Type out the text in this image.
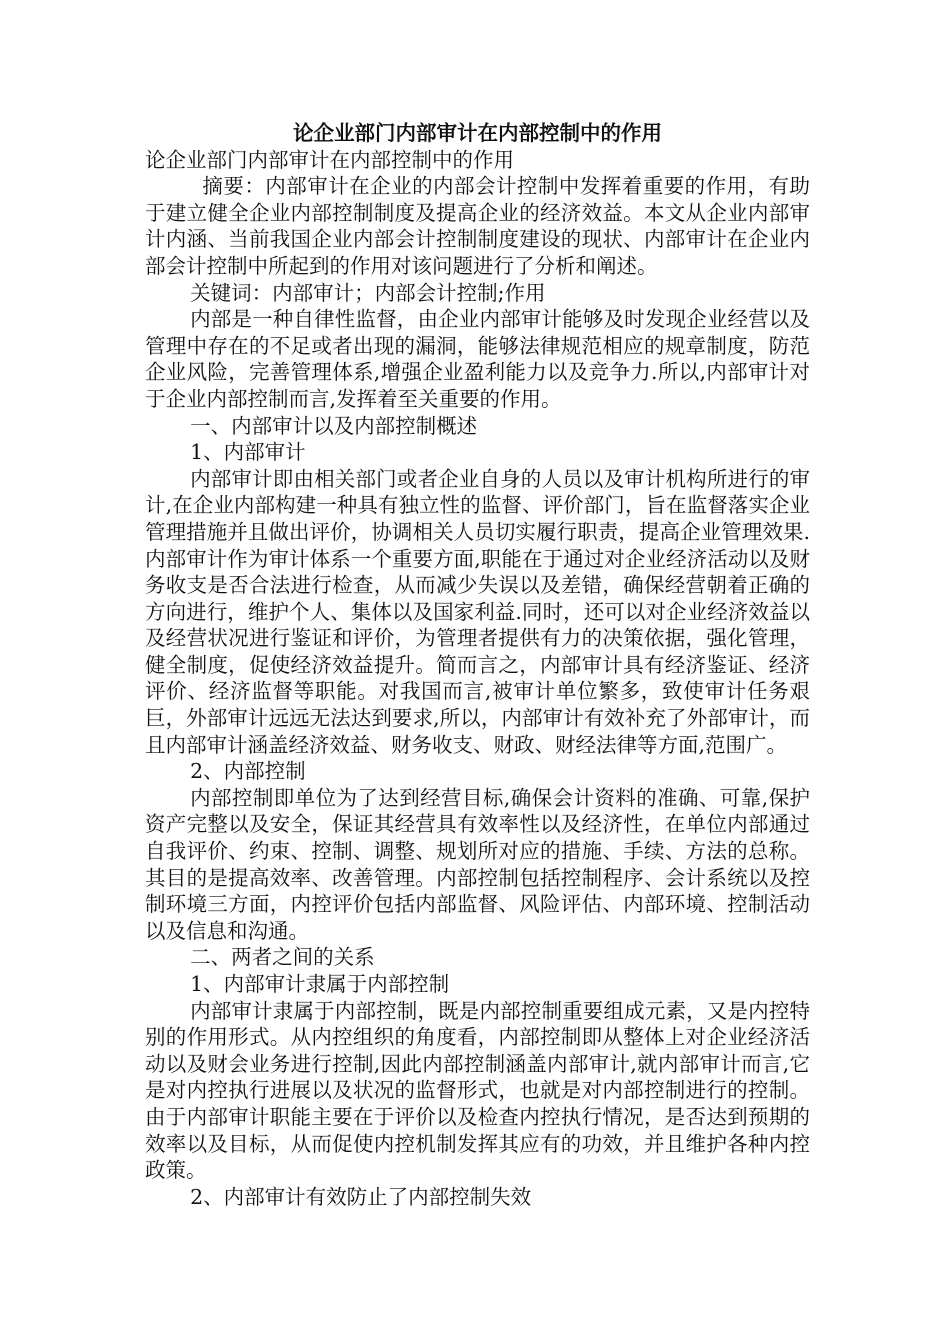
论企业部门内部审计在内部控制中的作用

论企业部门内部审计在内部控制中的作用

摘要：内部审计在企业的内部会计控制中发挥着重要的作用，有助于建立健全企业内部控制制度及提高企业的经济效益。本文从企业内部审计内涵、当前我国企业内部会计控制制度建设的现状、内部审计在企业内部会计控制中所起到的作用对该问题进行了分析和阐述。

关键词：内部审计；内部会计控制;作用

内部是一种自律性监督，由企业内部审计能够及时发现企业经营以及管理中存在的不足或者出现的漏洞，能够法律规范相应的规章制度，防范企业风险，完善管理体系,增强企业盈利能力以及竞争力.所以,内部审计对于企业内部控制而言,发挥着至关重要的作用。

一、内部审计以及内部控制概述

1、内部审计

内部审计即由相关部门或者企业自身的人员以及审计机构所进行的审计,在企业内部构建一种具有独立性的监督、评价部门，旨在监督落实企业管理措施并且做出评价，协调相关人员切实履行职责，提高企业管理效果.内部审计作为审计体系一个重要方面,职能在于通过对企业经济活动以及财务收支是否合法进行检查，从而减少失误以及差错，确保经营朝着正确的方向进行，维护个人、集体以及国家利益.同时，还可以对企业经济效益以及经营状况进行鉴证和评价，为管理者提供有力的决策依据，强化管理，健全制度，促使经济效益提升。简而言之，内部审计具有经济鉴证、经济评价、经济监督等职能。对我国而言,被审计单位繁多，致使审计任务艰巨，外部审计远远无法达到要求,所以，内部审计有效补充了外部审计，而且内部审计涵盖经济效益、财务收支、财政、财经法律等方面,范围广。

2、内部控制

内部控制即单位为了达到经营目标,确保会计资料的准确、可靠,保护资产完整以及安全，保证其经营具有效率性以及经济性，在单位内部通过自我评价、约束、控制、调整、规划所对应的措施、手续、方法的总称。其目的是提高效率、改善管理。内部控制包括控制程序、会计系统以及控制环境三方面，内控评价包括内部监督、风险评估、内部环境、控制活动以及信息和沟通。

二、两者之间的关系

1、内部审计隶属于内部控制

内部审计隶属于内部控制，既是内部控制重要组成元素，又是内控特别的作用形式。从内控组织的角度看，内部控制即从整体上对企业经济活动以及财会业务进行控制,因此内部控制涵盖内部审计,就内部审计而言,它是对内控执行进展以及状况的监督形式，也就是对内部控制进行的控制。由于内部审计职能主要在于评价以及检查内控执行情况，是否达到预期的效率以及目标，从而促使内控机制发挥其应有的功效，并且维护各种内控政策。

2、内部审计有效防止了内部控制失效
